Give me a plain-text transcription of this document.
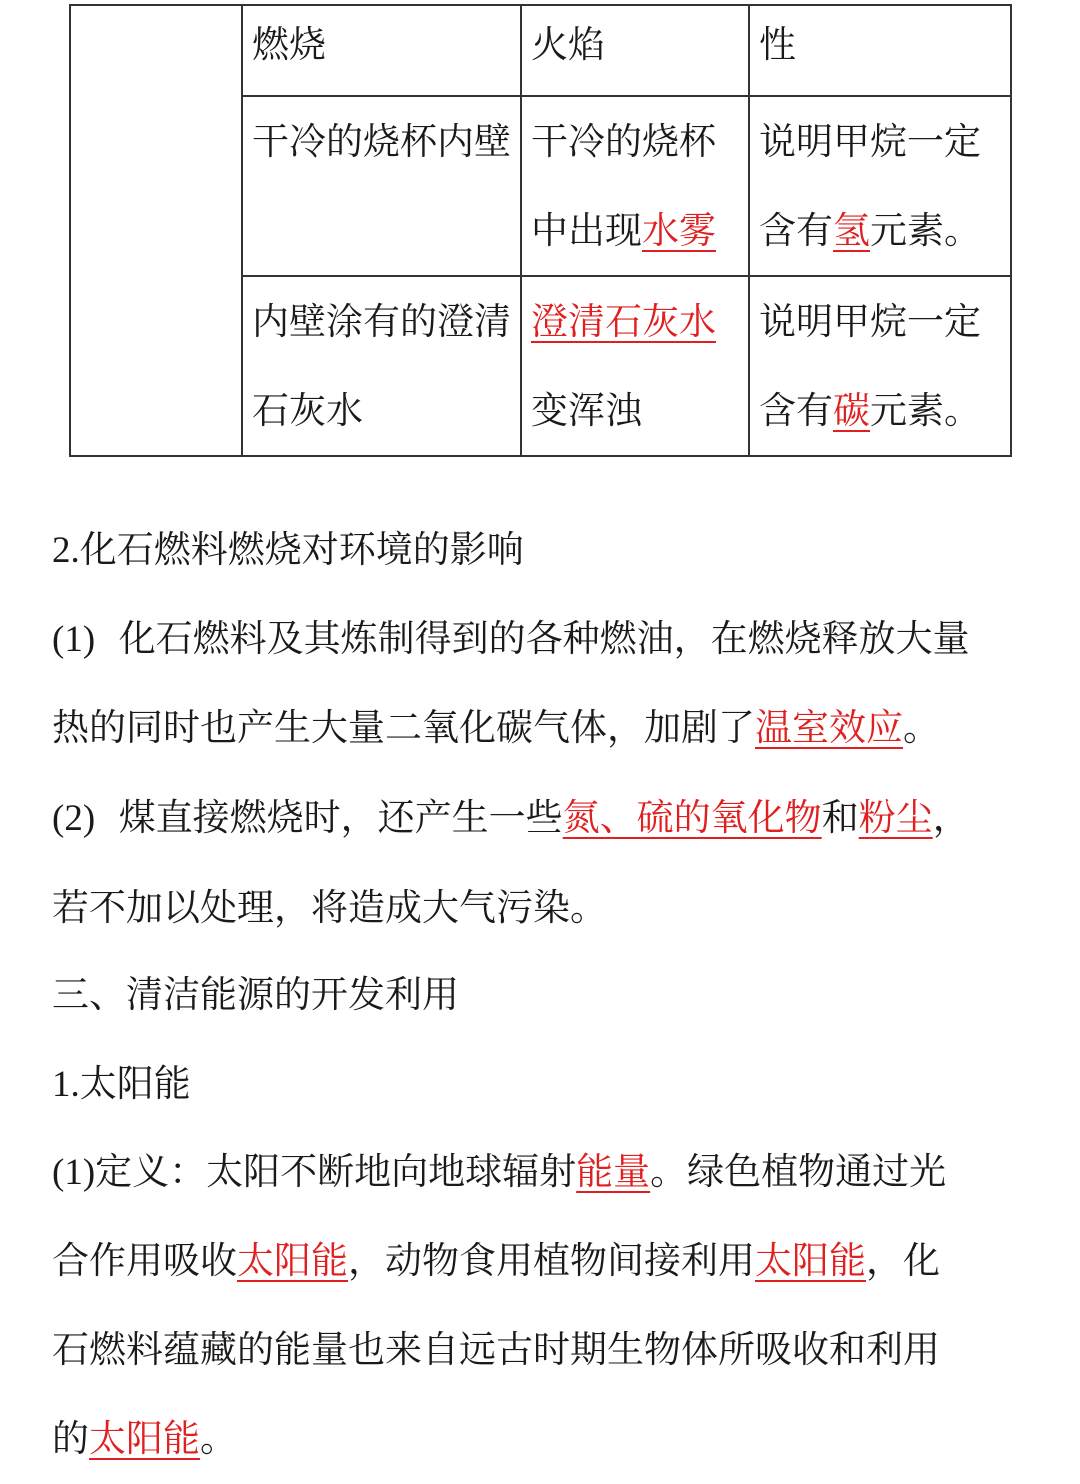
	燃烧	火焰	性
	干冷的烧杯内壁	干冷的烧杯中出现水雾	说明甲烷一定含有氢元素。
	内壁涂有的澄清石灰水	澄清石灰水变浑浊	说明甲烷一定含有碳元素。
2.化石燃料燃烧对环境的影响
(1) 化石燃料及其炼制得到的各种燃油，在燃烧释放大量
热的同时也产生大量二氧化碳气体，加剧了温室效应。
(2) 煤直接燃烧时，还产生一些氮、硫的氧化物和粉尘，
若不加以处理，将造成大气污染。
三、清洁能源的开发利用
1.太阳能
(1)定义：太阳不断地向地球辐射能量。绿色植物通过光
合作用吸收太阳能，动物食用植物间接利用太阳能，化
石燃料蕴藏的能量也来自远古时期生物体所吸收和利用
的太阳能。
